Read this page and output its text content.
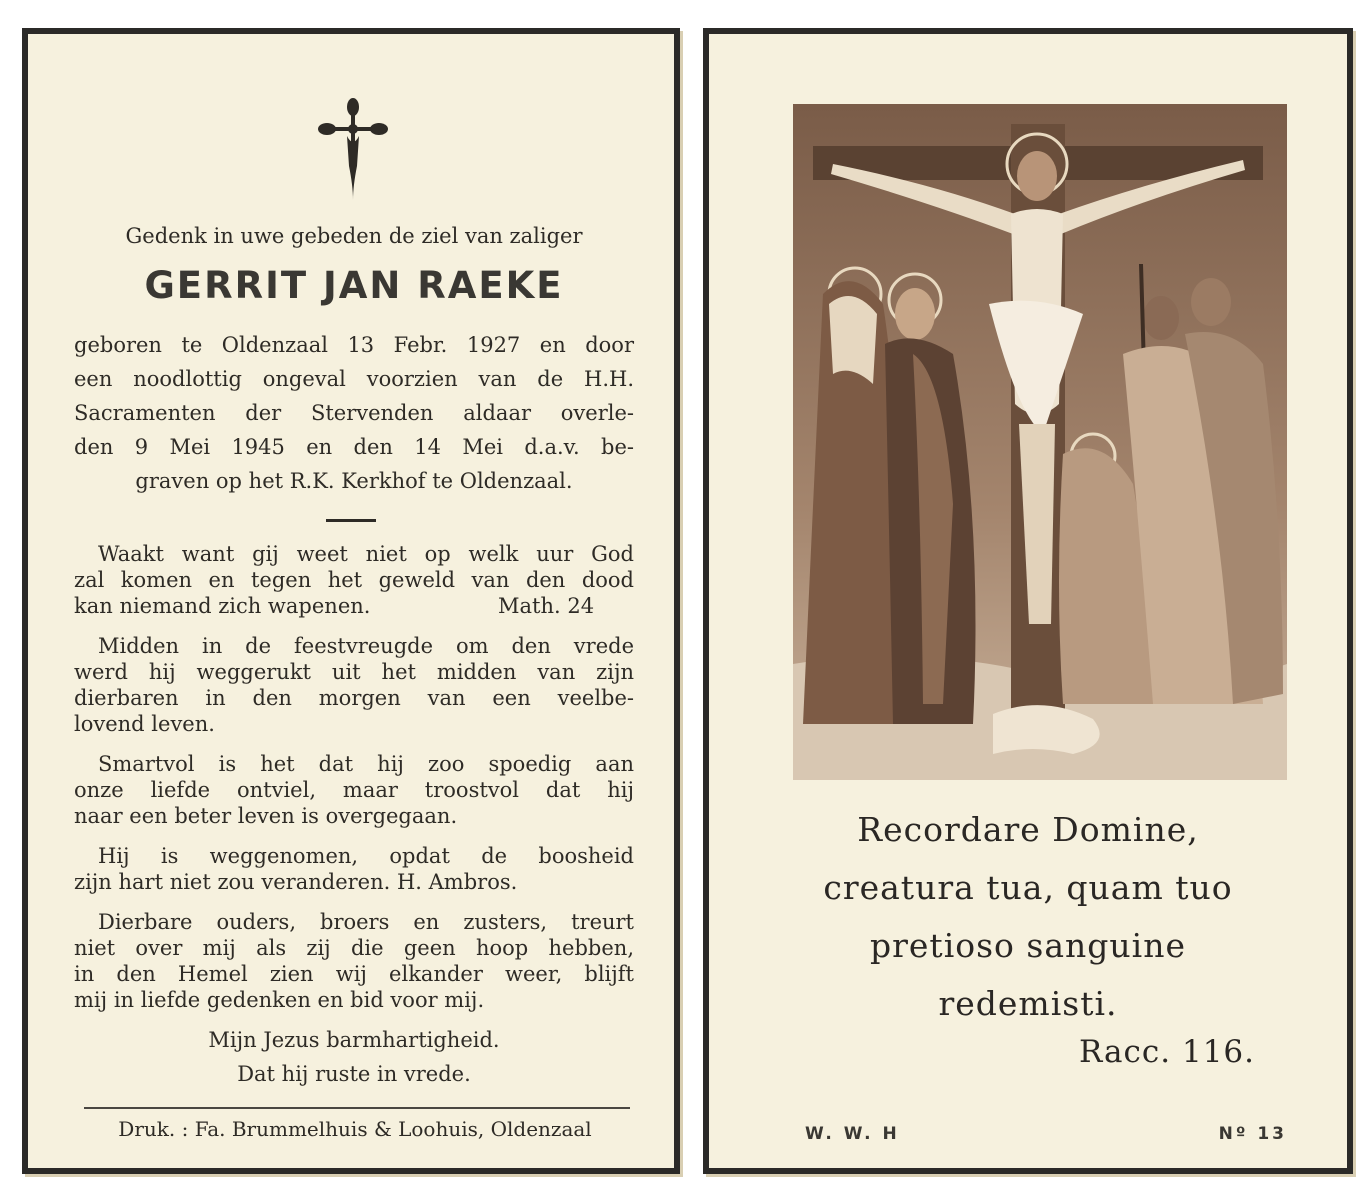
Gedenk in uwe gebeden de ziel van zaliger
GERRIT JAN RAEKE
geboren te Oldenzaal 13 Febr. 1927 en door
een noodlottig ongeval voorzien van de H.H.
Sacramenten der Stervenden aldaar overle-
den 9 Mei 1945 en den 14 Mei d.a.v. be-
graven op het R.K. Kerkhof te Oldenzaal.
Waakt want gij weet niet op welk uur God
zal komen en tegen het geweld van den dood
kan niemand zich wapenen.	Math. 24
Midden in de feestvreugde om den vrede
werd hij weggerukt uit het midden van zijn
dierbaren in den morgen van een veelbe-
lovend leven.
Smartvol is het dat hij zoo spoedig aan
onze liefde ontviel, maar troostvol dat hij
naar een beter leven is overgegaan.
Hij is weggenomen, opdat de boosheid
zijn hart niet zou veranderen. H. Ambros.
Dierbare ouders, broers en zusters, treurt
niet over mij als zij die geen hoop hebben,
in den Hemel zien wij elkander weer, blijft
mij in liefde gedenken en bid voor mij.
Mijn Jezus barmhartigheid.
Dat hij ruste in vrede.
Druk. : Fa. Brummelhuis & Loohuis, Oldenzaal
Recordare Domine,
creatura tua, quam tuo
pretioso sanguine
redemisti.
Racc. 116.
W. W. H	Nº 13
